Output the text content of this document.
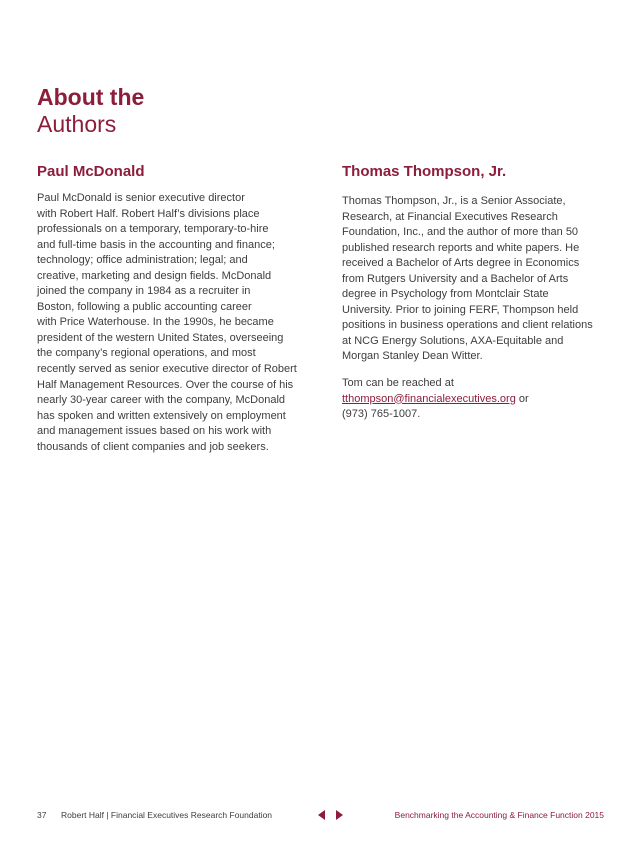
About the
Authors
Paul McDonald
Paul McDonald is senior executive director
with Robert Half. Robert Half’s divisions place
professionals on a temporary, temporary-to-hire
and full-time basis in the accounting and finance;
technology; office administration; legal; and
creative, marketing and design fields. McDonald
joined the company in 1984 as a recruiter in
Boston, following a public accounting career
with Price Waterhouse. In the 1990s, he became
president of the western United States, overseeing
the company’s regional operations, and most
recently served as senior executive director of Robert
Half Management Resources. Over the course of his
nearly 30-year career with the company, McDonald
has spoken and written extensively on employment
and management issues based on his work with
thousands of client companies and job seekers.
Thomas Thompson, Jr.
Thomas Thompson, Jr., is a Senior Associate,
Research, at Financial Executives Research
Foundation, Inc., and the author of more than 50
published research reports and white papers. He
received a Bachelor of Arts degree in Economics
from Rutgers University and a Bachelor of Arts
degree in Psychology from Montclair State
University. Prior to joining FERF, Thompson held
positions in business operations and client relations
at NCG Energy Solutions, AXA-Equitable and
Morgan Stanley Dean Witter.
Tom can be reached at
tthompson@financialexecutives.org or
(973) 765-1007.
37 Robert Half | Financial Executives Research Foundation
	Benchmarking the Accounting & Finance Function 2015
